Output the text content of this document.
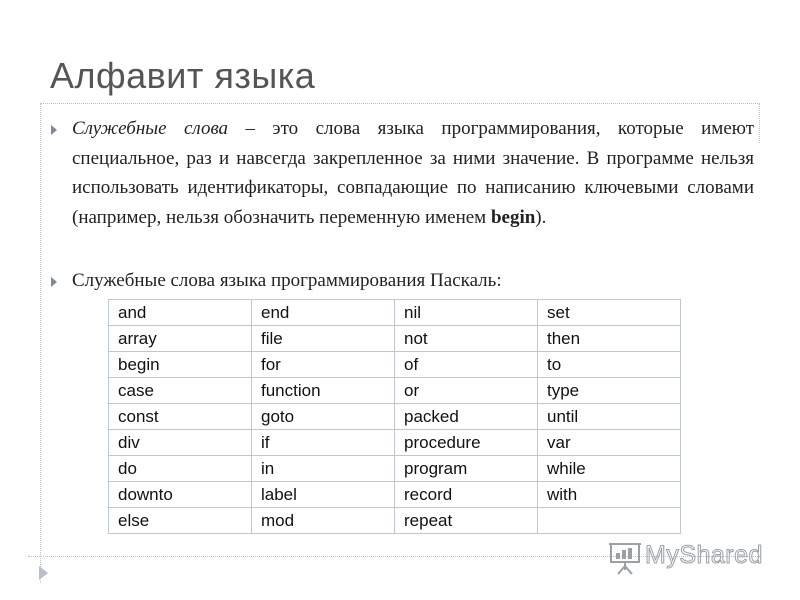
Алфавит языка
Служебные слова – это слова языка программирования, которые имеют специальное, раз и навсегда закрепленное за ними значение. В программе нельзя использовать идентификаторы, совпадающие по написанию ключевыми словами (например, нельзя обозначить переменную именем begin).
Служебные слова языка программирования Паскаль:
and	end	nil	set
array	file	not	then
begin	for	of	to
case	function	or	type
const	goto	packed	until
div	if	procedure	var
do	in	program	while
downto	label	record	with
else	mod	repeat	
MyShared
